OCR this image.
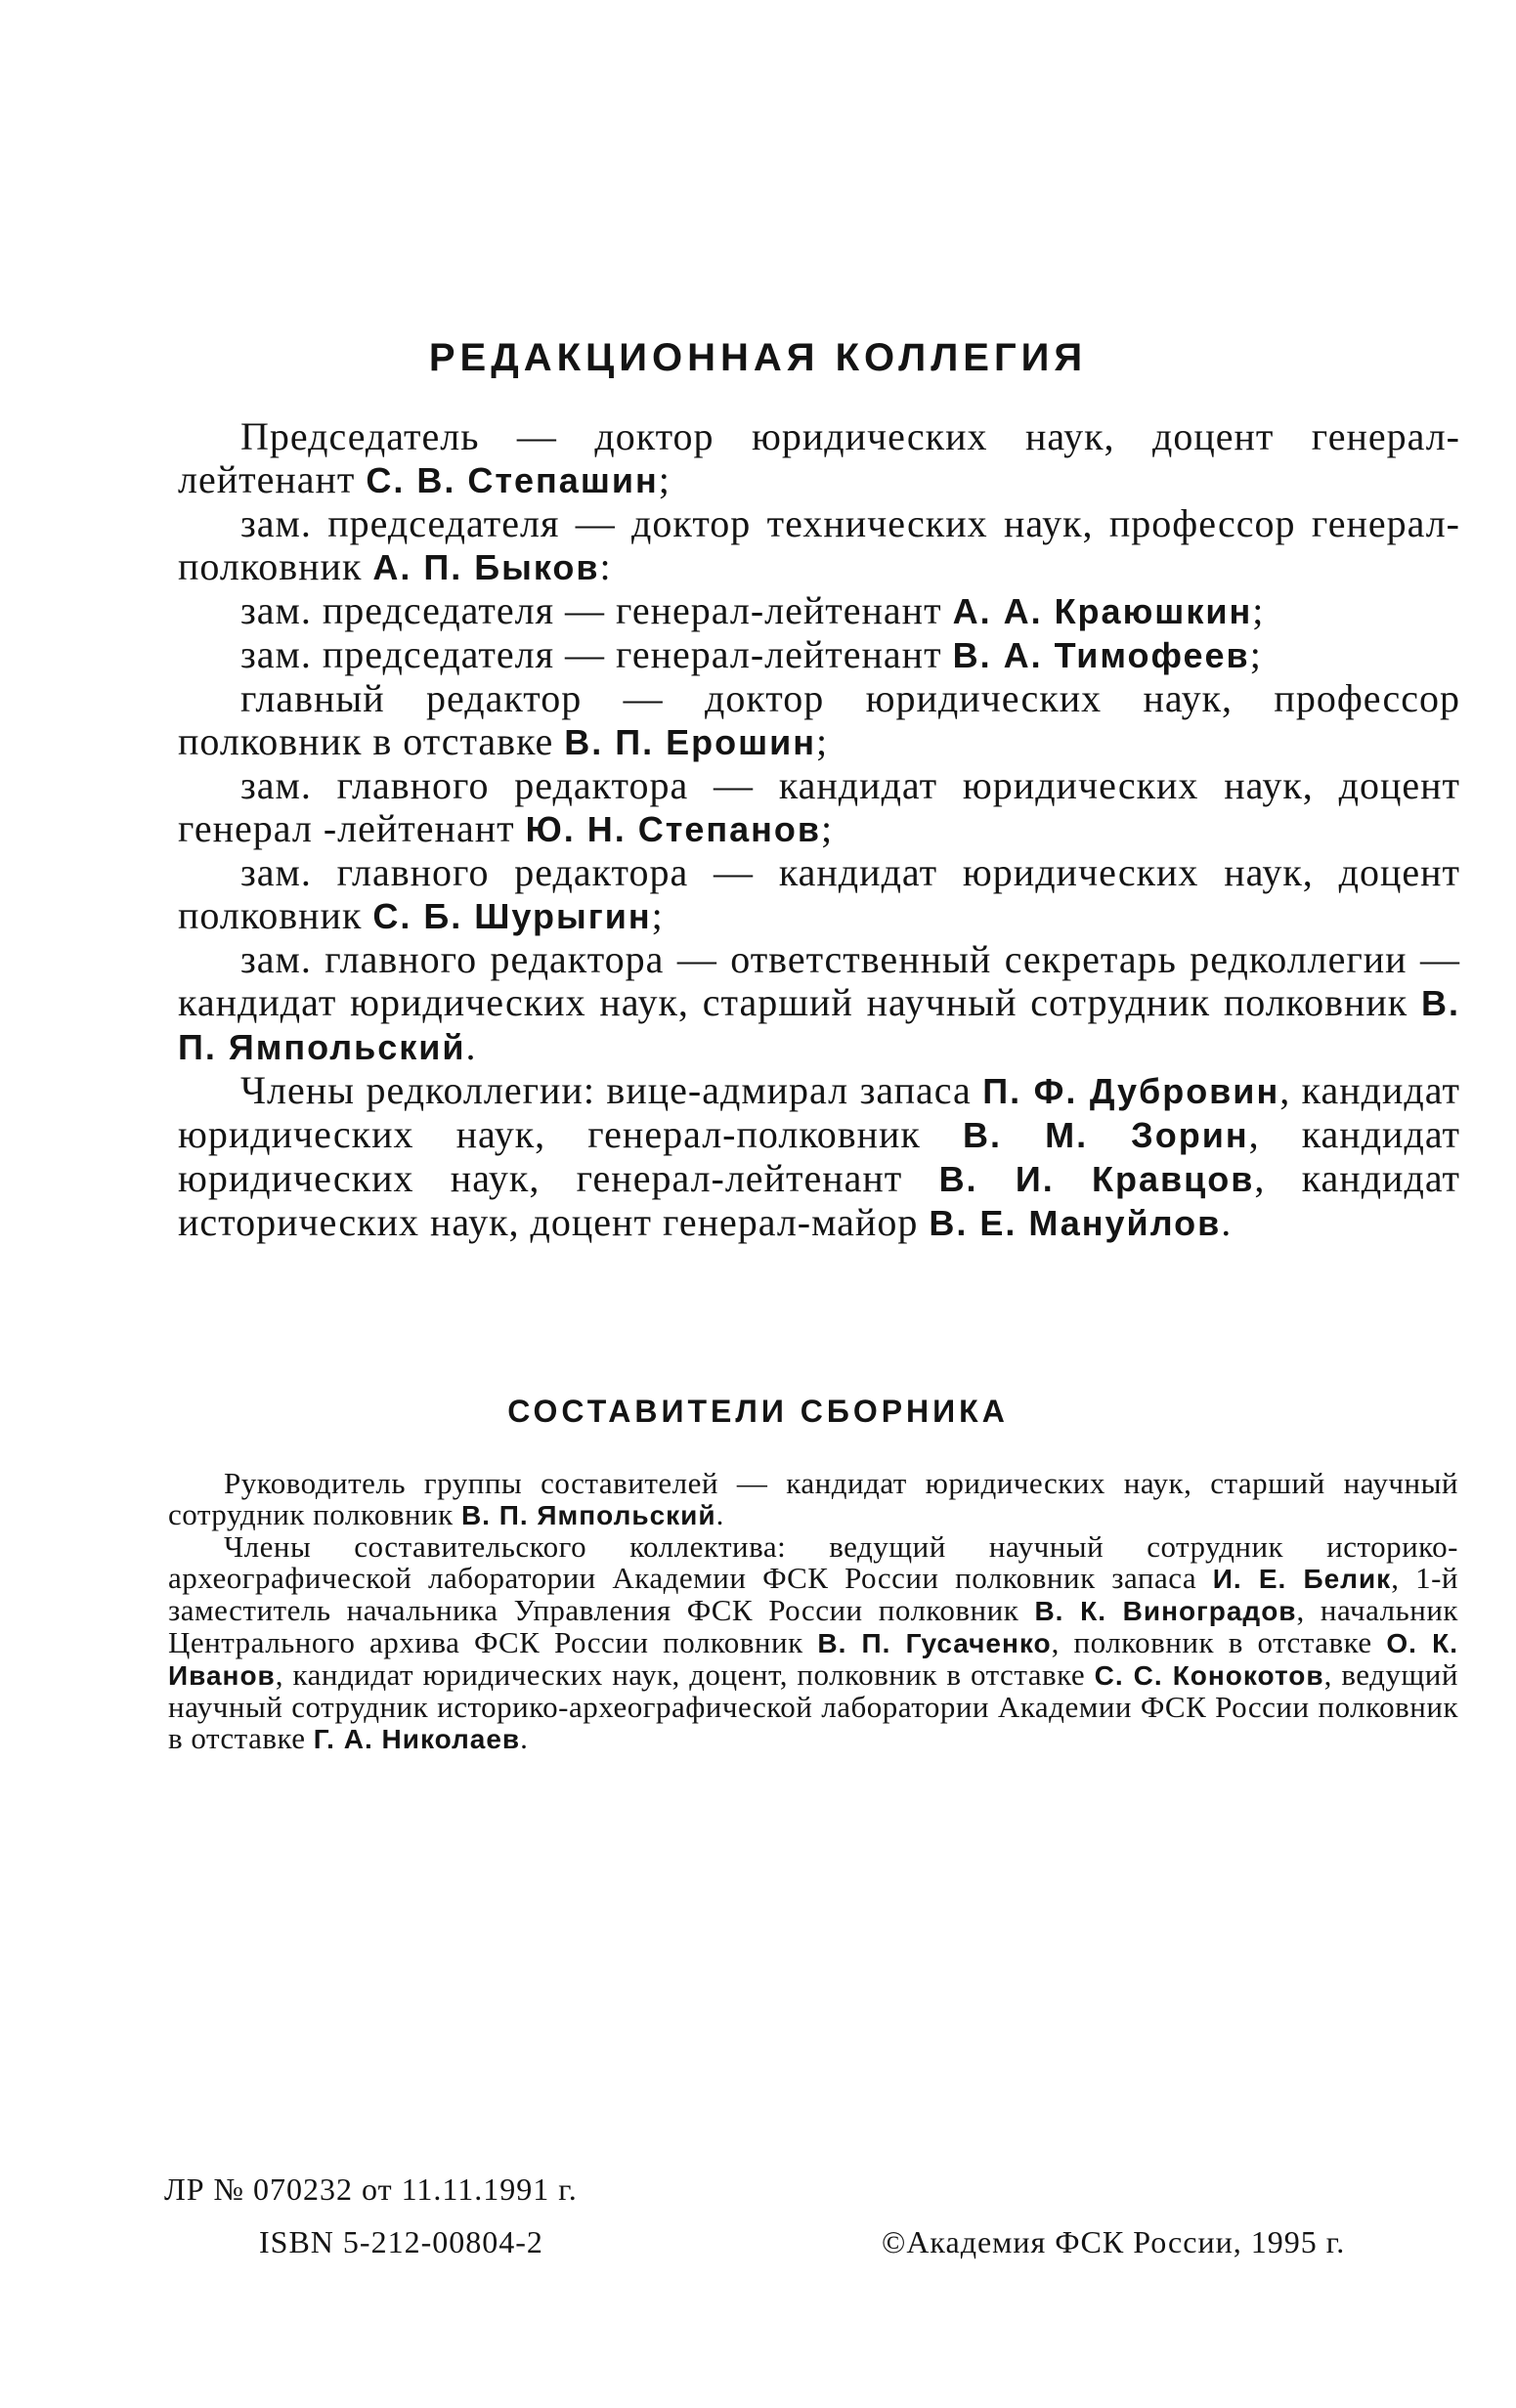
РЕДАКЦИОННАЯ КОЛЛЕГИЯ
Председатель — доктор юридических наук, доцент генерал-лейтенант С. В. Степашин;
зам. председателя — доктор технических наук, профессор генерал-полковник А. П. Быков:
зам. председателя — генерал-лейтенант А. А. Краюшкин;
зам. председателя — генерал-лейтенант В. А. Тимофеев;
главный редактор — доктор юридических наук, профессор полковник в отставке В. П. Ерошин;
зам. главного редактора — кандидат юридических наук, доцент генерал -лейтенант Ю. Н. Степанов;
зам. главного редактора — кандидат юридических наук, доцент полковник С. Б. Шурыгин;
зам. главного редактора — ответственный секретарь редколлегии — кандидат юридических наук, старший научный сотрудник полковник В. П. Ямпольский.
Члены редколлегии: вице-адмирал запаса П. Ф. Дубровин, кандидат юридических наук, генерал-полковник В. М. Зорин, кандидат юридических наук, генерал-лейтенант В. И. Кравцов, кандидат исторических наук, доцент генерал-майор В. Е. Мануйлов.
СОСТАВИТЕЛИ СБОРНИКА
Руководитель группы составителей — кандидат юридических наук, старший научный сотрудник полковник В. П. Ямпольский.
Члены составительского коллектива: ведущий научный сотрудник историко-археографической лаборатории Академии ФСК России полковник запаса И. Е. Белик, 1-й заместитель начальника Управления ФСК России полковник В. К. Виноградов, начальник Центрального архива ФСК России полковник В. П. Гусаченко, полковник в отставке О. К. Иванов, кандидат юридических наук, доцент, полковник в отставке С. С. Конокотов, ведущий научный сотрудник историко-археографической лаборатории Академии ФСК России полковник в отставке Г. А. Николаев.
ЛР № 070232 от 11.11.1991 г.
ISBN 5-212-00804-2	©Академия ФСК России, 1995 г.
